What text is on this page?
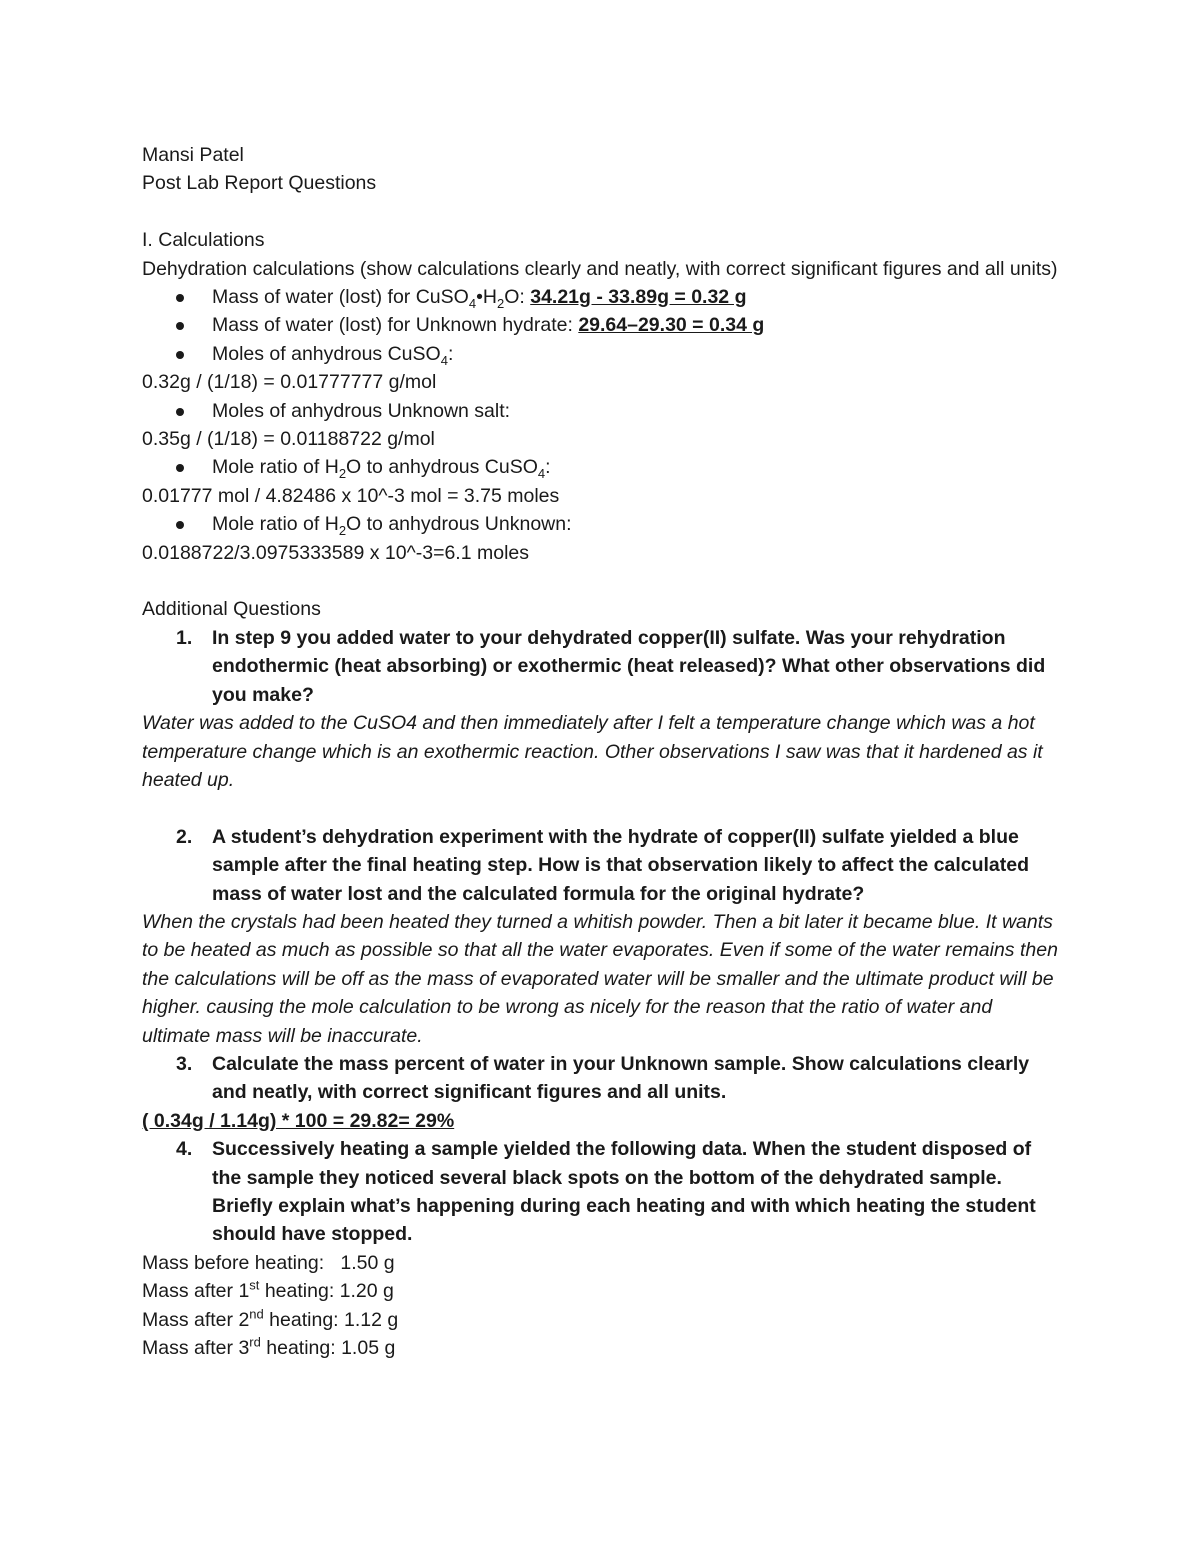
Mansi Patel

Post Lab Report Questions

I. Calculations

Dehydration calculations (show calculations clearly and neatly, with correct significant figures and all units)

Mass of water (lost) for $CuSO_4•H_2O$: 34.21g - 33.89g = 0.32 g
Mass of water (lost) for Unknown hydrate: 29.64–29.30 = 0.34 g
Moles of anhydrous CuSO$_4$:

0.32g / (1/18) = 0.01777777 g/mol

Moles of anhydrous Unknown salt:

0.35g / (1/18) = 0.01188722 g/mol

Mole ratio of $H_2O$ to anhydrous CuSO$_4$:

0.01777 mol / 4.82486 x 10^-3 mol = 3.75 moles

Mole ratio of $H_2O$ to anhydrous Unknown:

0.0188722/3.0975333589 x 10^-3=6.1 moles

Additional Questions

1. In step 9 you added water to your dehydrated copper(II) sulfate. Was your rehydration endothermic (heat absorbing) or exothermic (heat released)? What other observations did you make?

Water was added to the CuSO4 and then immediately after I felt a temperature change which was a hot temperature change which is an exothermic reaction. Other observations I saw was that it hardened as it heated up.

2. A student’s dehydration experiment with the hydrate of copper(II) sulfate yielded a blue sample after the final heating step. How is that observation likely to affect the calculated mass of water lost and the calculated formula for the original hydrate?

When the crystals had been heated they turned a whitish powder. Then a bit later it became blue. It wants to be heated as much as possible so that all the water evaporates. Even if some of the water remains then the calculations will be off as the mass of evaporated water will be smaller and the ultimate product will be higher. causing the mole calculation to be wrong as nicely for the reason that the ratio of water and ultimate mass will be inaccurate.

3. Calculate the mass percent of water in your Unknown sample. Show calculations clearly and neatly, with correct significant figures and all units.

( 0.34g / 1.14g) * 100 = 29.82= 29%

4. Successively heating a sample yielded the following data. When the student disposed of the sample they noticed several black spots on the bottom of the dehydrated sample. Briefly explain what’s happening during each heating and with which heating the student should have stopped.

Mass before heating:   1.50 g

Mass after 1st heating: 1.20 g

Mass after 2nd heating: 1.12 g

Mass after 3rd heating: 1.05 g
